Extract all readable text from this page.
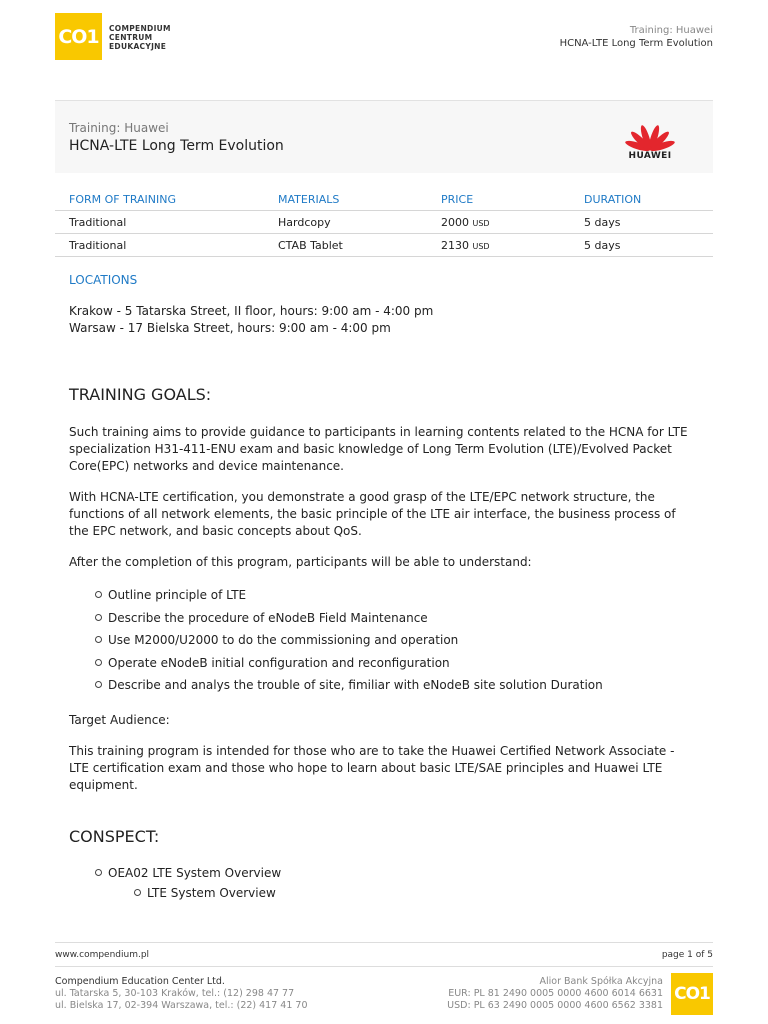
CO1 COMPENDIUM
CENTRUM
EDUKACYJNE
Training: Huawei
HCNA-LTE Long Term Evolution
Training: Huawei
HCNA-LTE Long Term Evolution
HUAWEI
FORM OF TRAINING	MATERIALS	PRICE	DURATION
Traditional	Hardcopy	2000 USD	5 days
Traditional	CTAB Tablet	2130 USD	5 days
LOCATIONS
Krakow - 5 Tatarska Street, II floor, hours: 9:00 am - 4:00 pm
Warsaw - 17 Bielska Street, hours: 9:00 am - 4:00 pm
TRAINING GOALS:

Such training aims to provide guidance to participants in learning contents related to the HCNA for LTE specialization H31-411-ENU exam and basic knowledge of Long Term Evolution (LTE)/Evolved Packet Core(EPC) networks and device maintenance.

With HCNA-LTE certification, you demonstrate a good grasp of the LTE/EPC network structure, the functions of all network elements, the basic principle of the LTE air interface, the business process of the EPC network, and basic concepts about QoS.

After the completion of this program, participants will be able to understand:

Outline principle of LTE
Describe the procedure of eNodeB Field Maintenance
Use M2000/U2000 to do the commissioning and operation
Operate eNodeB initial configuration and reconfiguration
Describe and analys the trouble of site, fimiliar with eNodeB site solution Duration
Target Audience:

This training program is intended for those who are to take the Huawei Certified Network Associate - LTE certification exam and those who hope to learn about basic LTE/SAE principles and Huawei LTE equipment.

CONSPECT:
OEA02 LTE System Overview
LTE System Overview
www.compendium.pl	page 1 of 5
Compendium Education Center Ltd.
ul. Tatarska 5, 30-103 Kraków, tel.: (12) 298 47 77
ul. Bielska 17, 02-394 Warszawa, tel.: (22) 417 41 70
Alior Bank Spółka Akcyjna
EUR: PL 81 2490 0005 0000 4600 6014 6631
USD: PL 63 2490 0005 0000 4600 6562 3381
CO1
